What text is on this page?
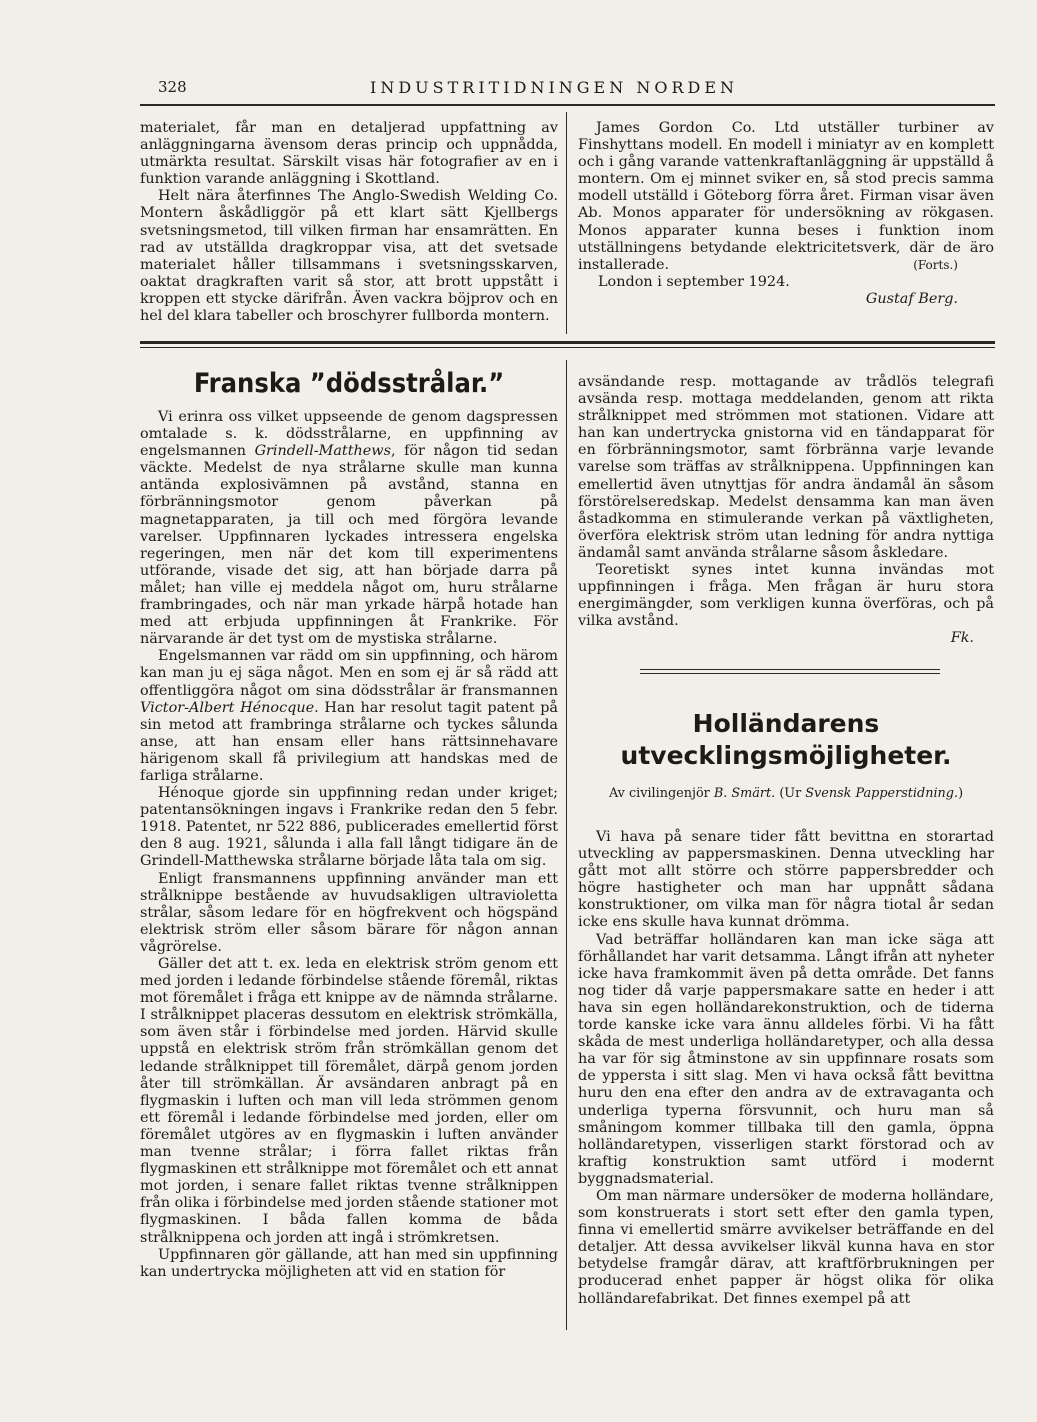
328	INDUSTRITIDNINGEN NORDEN

materialet, får man en detaljerad uppfattning av anläggningarna ävensom deras princip och uppnådda, utmärkta resultat. Särskilt visas här fotografier av en i funktion varande anläggning i Skottland.

Helt nära återfinnes The Anglo-Swedish Welding Co. Montern åskådliggör på ett klart sätt Kjellbergs svetsningsmetod, till vilken firman har ensamrätten. En rad av utställda dragkroppar visa, att det svetsade materialet håller tillsammans i svetsningsskarven, oaktat dragkraften varit så stor, att brott uppstått i kroppen ett stycke därifrån. Även vackra böjprov och en hel del klara tabeller och broschyrer fullborda montern.

James Gordon Co. Ltd utställer turbiner av Finshyttans modell. En modell i miniatyr av en komplett och i gång varande vattenkraftanläggning är uppställd å montern. Om ej minnet sviker en, så stod precis samma modell utställd i Göteborg förra året. Firman visar även Ab. Monos apparater för undersökning av rökgasen. Monos apparater kunna beses i funktion inom utställningens betydande elektricitetsverk, där de äro installerade.	(Forts.)

London i september 1924.

Gustaf Berg.
Franska ”dödsstrålar.”

Vi erinra oss vilket uppseende de genom dagspressen omtalade s. k. dödsstrålarne, en uppfinning av engelsmannen Grindell-Matthews, för någon tid sedan väckte. Medelst de nya strålarne skulle man kunna antända explosivämnen på avstånd, stanna en förbränningsmotor genom påverkan på magnetapparaten, ja till och med förgöra levande varelser. Uppfinnaren lyckades intressera engelska regeringen, men när det kom till experimentens utförande, visade det sig, att han började darra på målet; han ville ej meddela något om, huru strålarne frambringades, och när man yrkade härpå hotade han med att erbjuda uppfinningen åt Frankrike. För närvarande är det tyst om de mystiska strålarne.

Engelsmannen var rädd om sin uppfinning, och härom kan man ju ej säga något. Men en som ej är så rädd att offentliggöra något om sina dödsstrålar är fransmannen Victor-Albert Hénocque. Han har resolut tagit patent på sin metod att frambringa strålarne och tyckes sålunda anse, att han ensam eller hans rättsinnehavare härigenom skall få privilegium att handskas med de farliga strålarne.

Hénoque gjorde sin uppfinning redan under kriget; patentansökningen ingavs i Frankrike redan den 5 febr. 1918. Patentet, nr 522 886, publicerades emellertid först den 8 aug. 1921, sålunda i alla fall långt tidigare än de Grindell-Matthewska strålarne började låta tala om sig.

Enligt fransmannens uppfinning använder man ett strålknippe bestående av huvudsakligen ultravioletta strålar, såsom ledare för en högfrekvent och högspänd elektrisk ström eller såsom bärare för någon annan vågrörelse.

Gäller det att t. ex. leda en elektrisk ström genom ett med jorden i ledande förbindelse stående föremål, riktas mot föremålet i fråga ett knippe av de nämnda strålarne. I strålknippet placeras dessutom en elektrisk strömkälla, som även står i förbindelse med jorden. Härvid skulle uppstå en elektrisk ström från strömkällan genom det ledande strålknippet till föremålet, därpå genom jorden åter till strömkällan. Är avsändaren anbragt på en flygmaskin i luften och man vill leda strömmen genom ett föremål i ledande förbindelse med jorden, eller om föremålet utgöres av en flygmaskin i luften använder man tvenne strålar; i förra fallet riktas från flygmaskinen ett strålknippe mot föremålet och ett annat mot jorden, i senare fallet riktas tvenne strålknippen från olika i förbindelse med jorden stående stationer mot flygmaskinen. I båda fallen komma de båda strålknippena och jorden att ingå i strömkretsen.

Uppfinnaren gör gällande, att han med sin uppfinning kan undertrycka möjligheten att vid en station för

avsändande resp. mottagande av trådlös telegrafi avsända resp. mottaga meddelanden, genom att rikta strålknippet med strömmen mot stationen. Vidare att han kan undertrycka gnistorna vid en tändapparat för en förbränningsmotor, samt förbränna varje levande varelse som träffas av strålknippena. Uppfinningen kan emellertid även utnyttjas för andra ändamål än såsom förstörelseredskap. Medelst densamma kan man även åstadkomma en stimulerande verkan på växtligheten, överföra elektrisk ström utan ledning för andra nyttiga ändamål samt använda strålarne såsom åskledare.

Teoretiskt synes intet kunna invändas mot uppfinningen i fråga. Men frågan är huru stora energimängder, som verkligen kunna överföras, och på vilka avstånd.

Fk.
Holländarens utvecklingsmöjligheter.
Av civilingenjör B. Smärt. (Ur Svensk Papperstidning.)

Vi hava på senare tider fått bevittna en storartad utveckling av pappersmaskinen. Denna utveckling har gått mot allt större och större pappersbredder och högre hastigheter och man har uppnått sådana konstruktioner, om vilka man för några tiotal år sedan icke ens skulle hava kunnat drömma.

Vad beträffar holländaren kan man icke säga att förhållandet har varit detsamma. Långt ifrån att nyheter icke hava framkommit även på detta område. Det fanns nog tider då varje pappersmakare satte en heder i att hava sin egen holländarekonstruktion, och de tiderna torde kanske icke vara ännu alldeles förbi. Vi ha fått skåda de mest underliga holländaretyper, och alla dessa ha var för sig åtminstone av sin uppfinnare rosats som de yppersta i sitt slag. Men vi hava också fått bevittna huru den ena efter den andra av de extravaganta och underliga typerna försvunnit, och huru man så småningom kommer tillbaka till den gamla, öppna holländaretypen, visserligen starkt förstorad och av kraftig konstruktion samt utförd i modernt byggnadsmaterial.

Om man närmare undersöker de moderna holländare, som konstruerats i stort sett efter den gamla typen, finna vi emellertid smärre avvikelser beträffande en del detaljer. Att dessa avvikelser likväl kunna hava en stor betydelse framgår därav, att kraftförbrukningen per producerad enhet papper är högst olika för olika holländarefabrikat. Det finnes exempel på att
